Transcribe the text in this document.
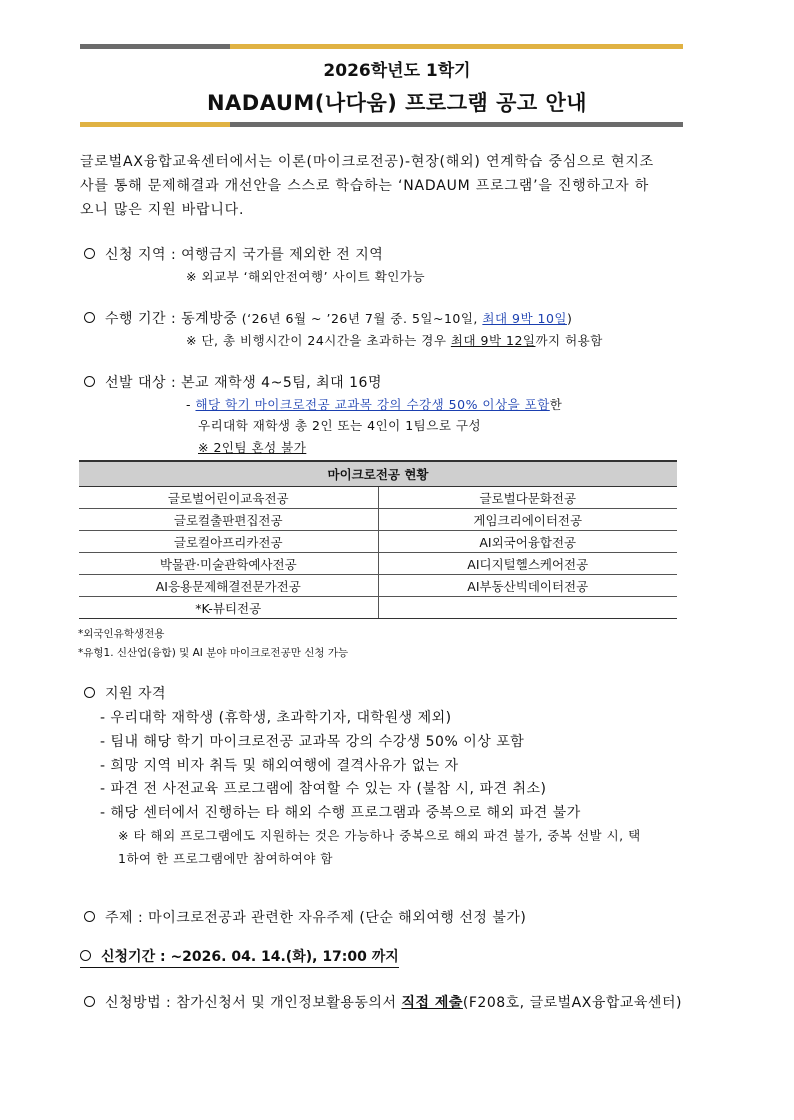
2026학년도 1학기
NADAUM(나다움) 프로그램 공고 안내
글로벌AX융합교육센터에서는 이론(마이크로전공)-현장(해외) 연계학습 중심으로 현지조
사를 통해 문제해결과 개선안을 스스로 학습하는 ‘NADAUM 프로그램’을 진행하고자 하
오니 많은 지원 바랍니다.
신청 지역 : 여행금지 국가를 제외한 전 지역
※ 외교부 ‘해외안전여행’ 사이트 확인가능
수행 기간 : 동계방중 (‘26년 6월 ~ ’26년 7월 중. 5일~10일, 최대 9박 10일)
※ 단, 총 비행시간이 24시간을 초과하는 경우 최대 9박 12일까지 허용함
선발 대상 : 본교 재학생 4~5팀, 최대 16명
- 해당 학기 마이크로전공 교과목 강의 수강생 50% 이상을 포함한
우리대학 재학생 총 2인 또는 4인이 1팀으로 구성
※ 2인팀 혼성 불가
마이크로전공 현황	
글로벌어린이교육전공	글로벌다문화전공
글로컬출판편집전공	게임크리에이터전공
글로컬아프리카전공	AI외국어융합전공
박물관·미술관학예사전공	AI디지털헬스케어전공
AI응용문제해결전문가전공	AI부동산빅데이터전공
*K-뷰티전공	
*외국인유학생전용
*유형1. 신산업(융합) 및 AI 분야 마이크로전공만 신청 가능
지원 자격
- 우리대학 재학생 (휴학생, 초과학기자, 대학원생 제외)
- 팀내 해당 학기 마이크로전공 교과목 강의 수강생 50% 이상 포함
- 희망 지역 비자 취득 및 해외여행에 결격사유가 없는 자
- 파견 전 사전교육 프로그램에 참여할 수 있는 자 (불참 시, 파견 취소)
- 해당 센터에서 진행하는 타 해외 수행 프로그램과 중복으로 해외 파견 불가
※ 타 해외 프로그램에도 지원하는 것은 가능하나 중복으로 해외 파견 불가, 중복 선발 시, 택
1하여 한 프로그램에만 참여하여야 함
주제 : 마이크로전공과 관련한 자유주제 (단순 해외여행 선정 불가)
신청기간 : ~2026. 04. 14.(화), 17:00 까지
신청방법 : 참가신청서 및 개인정보활용동의서 직접 제출(F208호, 글로벌AX융합교육센터)
